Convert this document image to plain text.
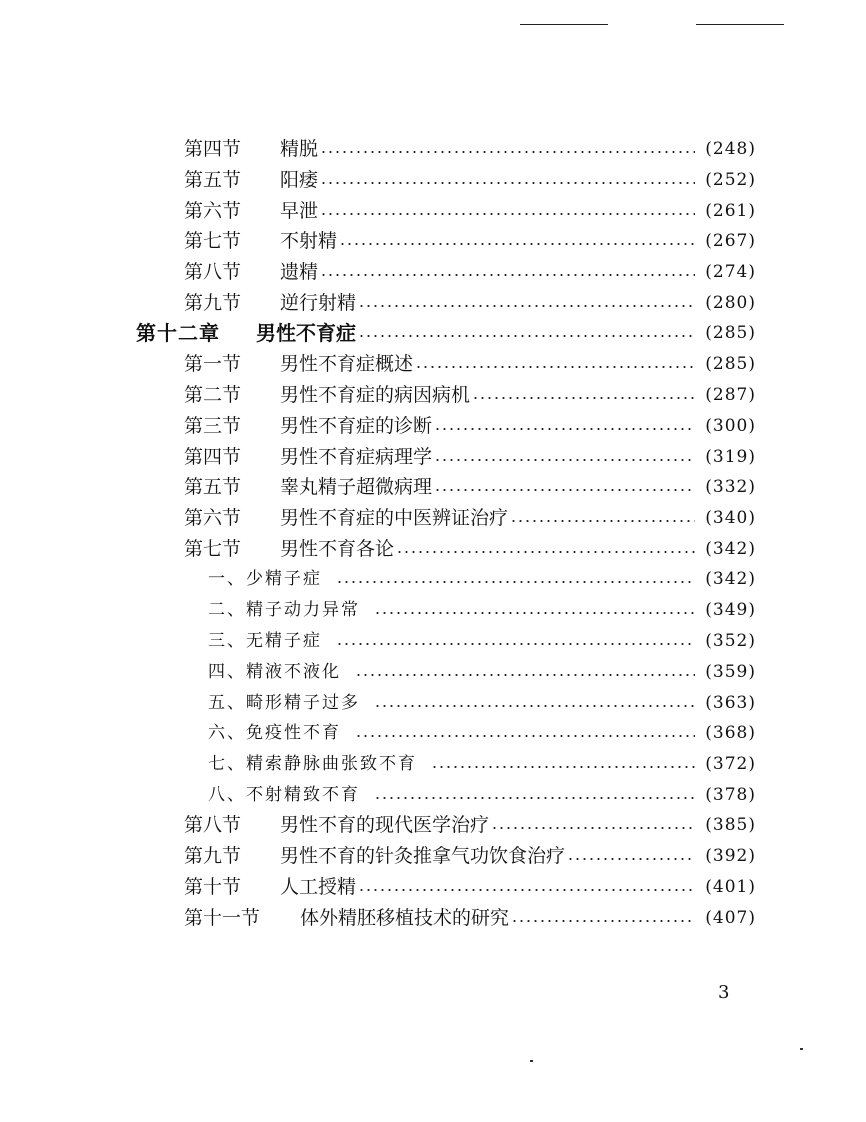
第四节	精脱	(248)
第五节	阳痿	(252)
第六节	早泄	(261)
第七节	不射精	(267)
第八节	遗精	(274)
第九节	逆行射精	(280)
第十二章	男性不育症	(285)
第一节	男性不育症概述	(285)
第二节	男性不育症的病因病机	(287)
第三节	男性不育症的诊断	(300)
第四节	男性不育症病理学	(319)
第五节	睾丸精子超微病理	(332)
第六节	男性不育症的中医辨证治疗	(340)
第七节	男性不育各论	(342)
一、少精子症	(342)
二、精子动力异常	(349)
三、无精子症	(352)
四、精液不液化	(359)
五、畸形精子过多	(363)
六、免疫性不育	(368)
七、精索静脉曲张致不育	(372)
八、不射精致不育	(378)
第八节	男性不育的现代医学治疗	(385)
第九节	男性不育的针灸推拿气功饮食治疗	(392)
第十节	人工授精	(401)
第十一节	体外精胚移植技术的研究	(407)
3
